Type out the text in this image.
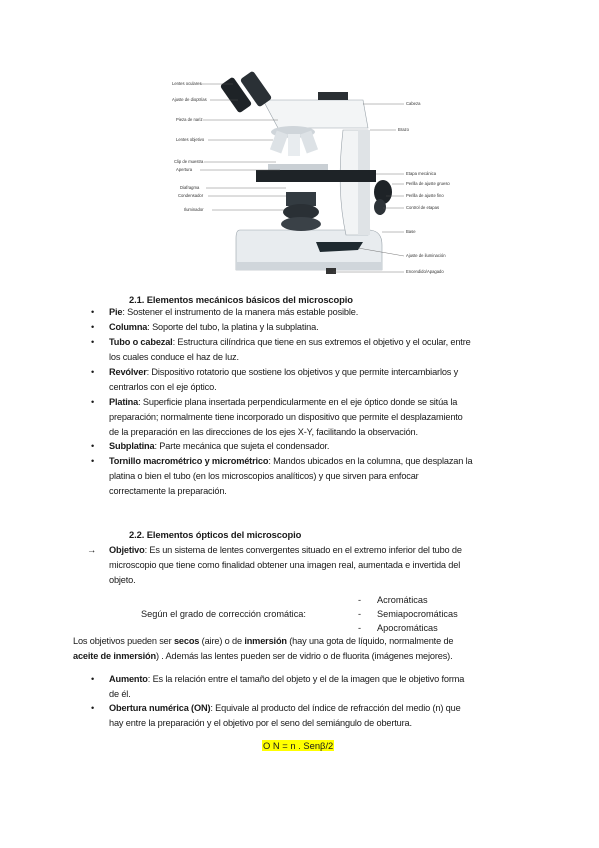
Lentes oculares
Ajuste de dioptrías
Pieza de nariz
Lentes objetivo
Clip de muestra
Apertura
Diafragma
Condensador
Iluminador
Cabeza
Brazo
Etapa mecánica
Perilla de ajuste grueso
Perilla de ajuste fino
Control de etapas
Base
Ajuste de iluminación
Encendido/Apagado
2.1. Elementos mecánicos básicos del microscopio
• Pie: Sostener el instrumento de la manera más estable posible.
• Columna: Soporte del tubo, la platina y la subplatina.
• Tubo o cabezal: Estructura cilíndrica que tiene en sus extremos el objetivo y el ocular, entre
los cuales conduce el haz de luz.
• Revólver: Dispositivo rotatorio que sostiene los objetivos y que permite intercambiarlos y
centrarlos con el eje óptico.
• Platina: Superficie plana insertada perpendicularmente en el eje óptico donde se sitúa la
preparación; normalmente tiene incorporado un dispositivo que permite el desplazamiento
de la preparación en las direcciones de los ejes X-Y, facilitando la observación.
• Subplatina: Parte mecánica que sujeta el condensador.
• Tornillo macrométrico y micrométrico: Mandos ubicados en la columna, que desplazan la
platina o bien el tubo (en los microscopios analíticos) y que sirven para enfocar
correctamente la preparación.
2.2. Elementos ópticos del microscopio
→ Objetivo: Es un sistema de lentes convergentes situado en el extremo inferior del tubo de
microscopio que tiene como finalidad obtener una imagen real, aumentada e invertida del
objeto.
- Acromáticas
Según el grado de corrección cromática:	- Semiapocromáticas
- Apocromáticas
Los objetivos pueden ser secos (aire) o de inmersión (hay una gota de líquido, normalmente de
aceite de inmersión) . Además las lentes pueden ser de vidrio o de fluorita (imágenes mejores).
• Aumento: Es la relación entre el tamaño del objeto y el de la imagen que le objetivo forma
de él.
• Obertura numérica (ON): Equivale al producto del índice de refracción del medio (n) que
hay entre la preparación y el objetivo por el seno del semiángulo de obertura.
O N = n . Senβ/2
